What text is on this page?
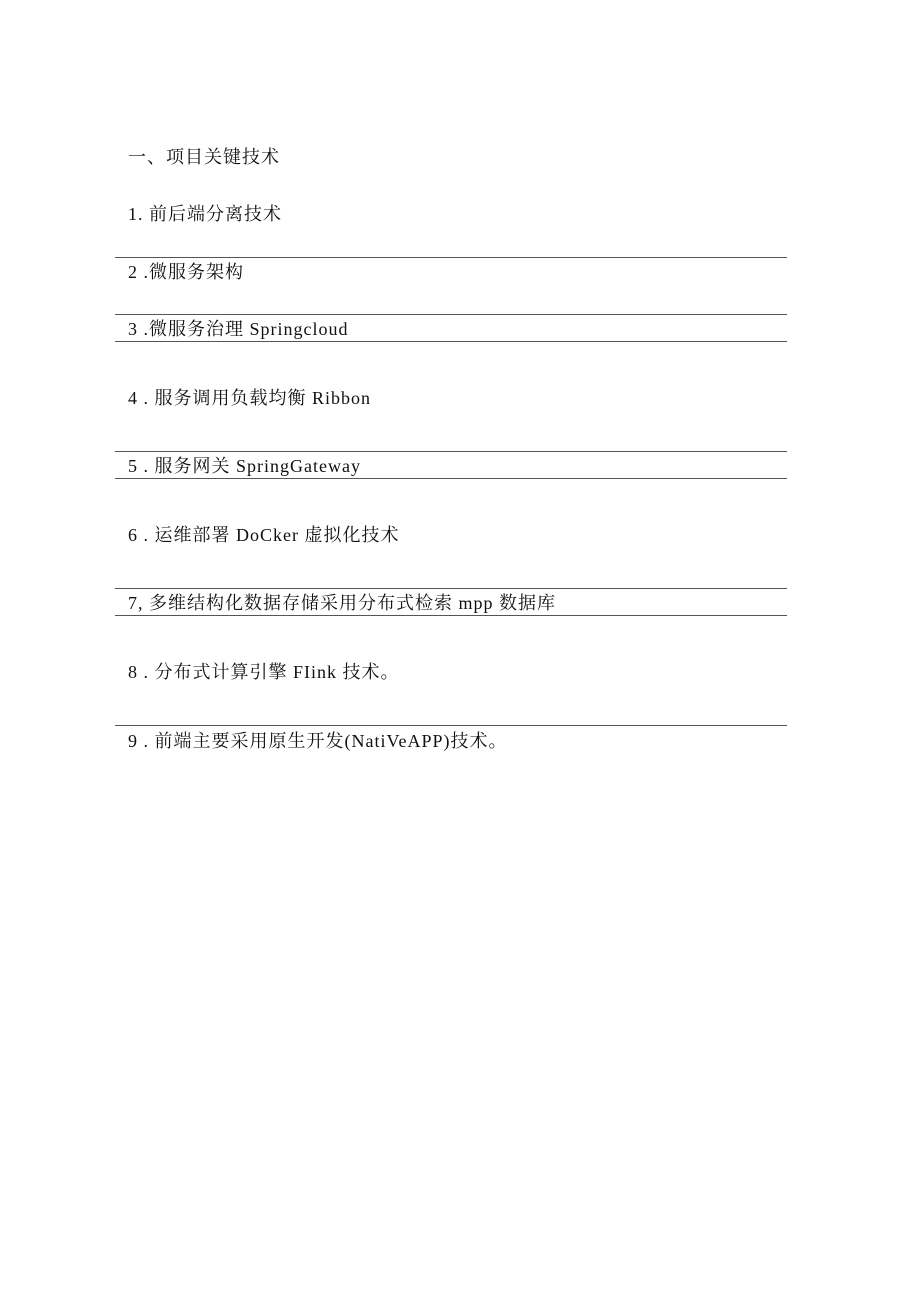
一、项目关键技术
1. 前后端分离技术
2 .微服务架构
3 .微服务治理 Springcloud
4 . 服务调用负载均衡 Ribbon
5 . 服务网关 SpringGateway
6 . 运维部署 DoCker 虚拟化技术
7, 多维结构化数据存储采用分布式检索 mpp 数据库
8 . 分布式计算引擎 FIink 技术。
9 . 前端主要采用原生开发(NatiVeAPP)技术。
